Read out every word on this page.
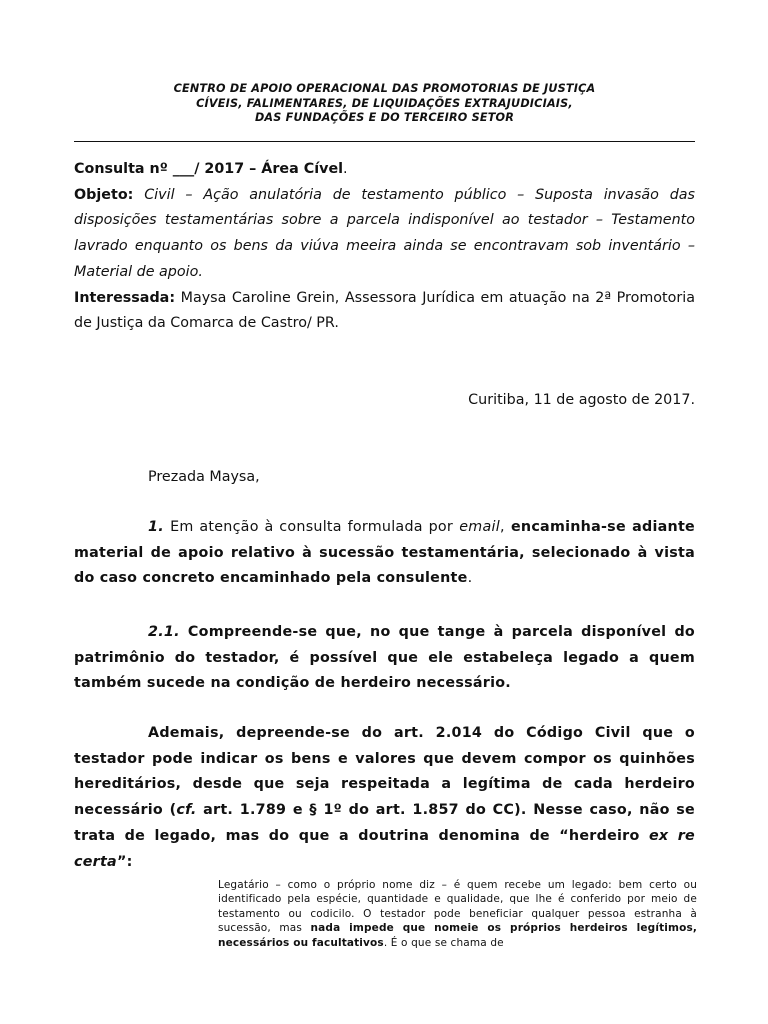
CENTRO DE APOIO OPERACIONAL DAS PROMOTORIAS DE JUSTIÇA
CÍVEIS, FALIMENTARES, DE LIQUIDAÇÕES EXTRAJUDICIAIS,
DAS FUNDAÇÕES E DO TERCEIRO SETOR

Consulta nº ___/ 2017 – Área Cível.

Objeto: Civil – Ação anulatória de testamento público – Suposta invasão das disposições testamentárias sobre a parcela indisponível ao testador – Testamento lavrado enquanto os bens da viúva meeira ainda se encontravam sob inventário – Material de apoio.

Interessada: Maysa Caroline Grein, Assessora Jurídica em atuação na 2ª Promotoria de Justiça da Comarca de Castro/ PR.

Curitiba, 11 de agosto de 2017.
Prezada Maysa,
1. Em atenção à consulta formulada por email, encaminha-se adiante material de apoio relativo à sucessão testamentária, selecionado à vista do caso concreto encaminhado pela consulente.
2.1. Compreende-se que, no que tange à parcela disponível do patrimônio do testador, é possível que ele estabeleça legado a quem também sucede na condição de herdeiro necessário.
Ademais, depreende-se do art. 2.014 do Código Civil que o testador pode indicar os bens e valores que devem compor os quinhões hereditários, desde que seja respeitada a legítima de cada herdeiro necessário (cf. art. 1.789 e § 1º do art. 1.857 do CC). Nesse caso, não se trata de legado, mas do que a doutrina denomina de “herdeiro ex re certa”:
Legatário – como o próprio nome diz – é quem recebe um legado: bem certo ou identificado pela espécie, quantidade e qualidade, que lhe é conferido por meio de testamento ou codicilo. O testador pode beneficiar qualquer pessoa estranha à sucessão, mas nada impede que nomeie os próprios herdeiros legítimos, necessários ou facultativos. É o que se chama de
